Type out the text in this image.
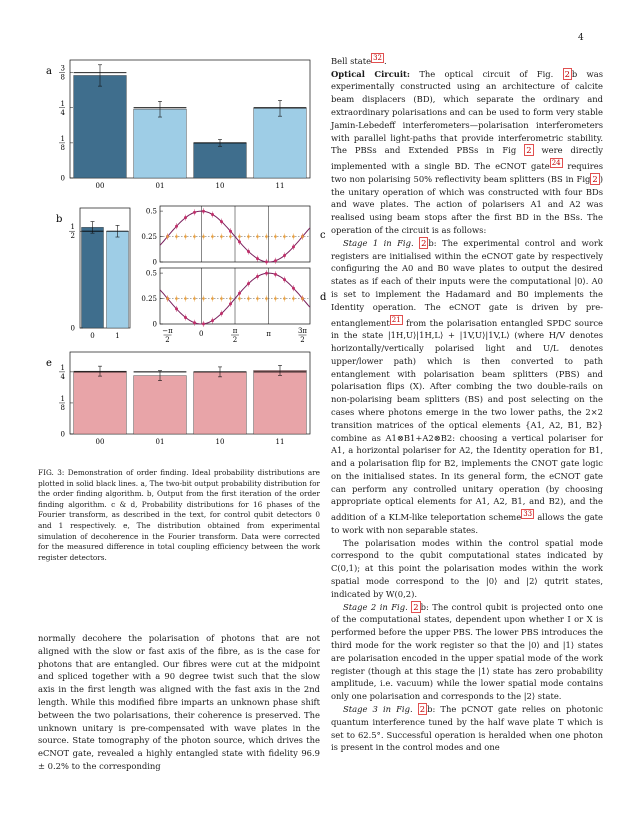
4
00	01	10	11
0
1
8
1
4
3
8
a
0	1
0
1
2
b
0
0.25
0.5
c
0
0.25
0.5
−π
2
0	π
2
π	3π
2
d
00	01	10	11
0
1
8
1
4
e
FIG. 3: Demonstration of order finding. Ideal probability distributions are plotted in solid black lines. a, The two-bit output probability distribution for the order finding algorithm. b, Output from the first iteration of the order finding algorithm. c & d, Probability distributions for 16 phases of the Fourier transform, as described in the text, for control qubit detectors 0 and 1 respectively. e, The distribution obtained from experimental simulation of decoherence in the Fourier transform. Data were corrected for the measured difference in total coupling efficiency between the work register detectors.

normally decohere the polarisation of photons that are not aligned with the slow or fast axis of the fibre, as is the case for photons that are entangled. Our fibres were cut at the midpoint and spliced together with a 90 degree twist such that the slow axis in the first length was aligned with the fast axis in the 2nd length. While this modified fibre imparts an unknown phase shift between the two polarisations, their coherence is preserved. The unknown unitary is pre-compensated with wave plates in the source. State tomography of the photon source, which drives the eCNOT gate, revealed a highly entangled state with fidelity 96.9 ± 0.2% to the corresponding

Bell state $^{32}$ .

Optical Circuit: The optical circuit of Fig. 2 b was experimentally constructed using an architecture of calcite beam displacers (BD), which separate the ordinary and extraordinary polarisations and can be used to form very stable Jamin-Lebedeff interferometers—polarisation interferometers with parallel light-paths that provide interferometric stability. The PBSs and Extended PBSs in Fig 2 were directly implemented with a single BD. The eCNOT gate $^{24}$ requires two non polarising 50% reflectivity beam splitters (BS in Fig 2 ) the unitary operation of which was constructed with four BDs and wave plates. The action of polarisers A1 and A2 was realised using beam stops after the first BD in the BSs. The operation of the circuit is as follows:

Stage 1 in Fig. 2 b: The experimental control and work registers are initialised within the eCNOT gate by respectively configuring the A0 and B0 wave plates to output the desired states as if each of their inputs were the computational |0⟩. A0 is set to implement the Hadamard and B0 implements the Identity operation. The eCNOT gate is driven by pre-entanglement $^{21}$ from the polarisation entangled SPDC source in the state |1H,U⟩|1H,L⟩ + |1V,U⟩|1V,L⟩ (where H/V denotes horizontally/vertically polarised light and U/L denotes upper/lower path) which is then converted to path entanglement with polarisation beam splitters (PBS) and polarisation flips (X). After combing the two double-rails on non-polarising beam splitters (BS) and post selecting on the cases where photons emerge in the two lower paths, the 2×2 transition matrices of the optical elements {A1, A2, B1, B2} combine as A1⊗B1+A2⊗B2: choosing a vertical polariser for A1, a horizontal polariser for A2, the Identity operation for B1, and a polarisation flip for B2, implements the CNOT gate logic on the initialised states. In its general form, the eCNOT gate can perform any controlled unitary operation (by choosing appropriate optical elements for A1, A2, B1, and B2), and the addition of a KLM-like teleportation scheme $^{33}$ allows the gate to work with non separable states.

The polarisation modes within the control spatial mode correspond to the qubit computational states indicated by C(0,1); at this point the polarisation modes within the work spatial mode correspond to the |0⟩ and |2⟩ qutrit states, indicated by W(0,2).

Stage 2 in Fig. 2 b: The control qubit is projected onto one of the computational states, dependent upon whether I or X is performed before the upper PBS. The lower PBS introduces the third mode for the work register so that the |0⟩ and |1⟩ states are polarisation encoded in the upper spatial mode of the work register (though at this stage the |1⟩ state has zero probability amplitude, i.e. vacuum) while the lower spatial mode contains only one polarisation and corresponds to the |2⟩ state.

Stage 3 in Fig. 2 b: The pCNOT gate relies on photonic quantum interference tuned by the half wave plate T which is set to 62.5°. Successful operation is heralded when one photon is present in the control modes and one
